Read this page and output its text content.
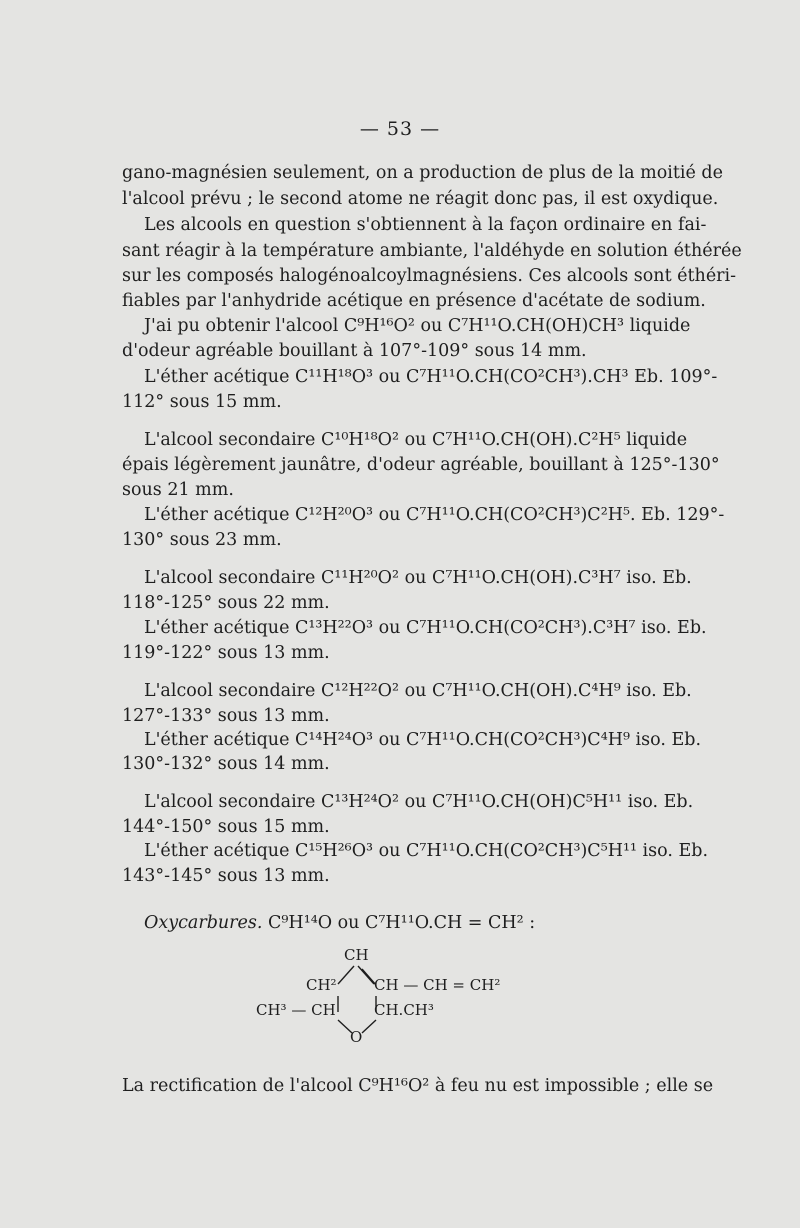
— 53 —
gano-magnésien seulement, on a production de plus de la moitié de
l'alcool prévu ; le second atome ne réagit donc pas, il est oxydique.
Les alcools en question s'obtiennent à la façon ordinaire en fai-
sant réagir à la température ambiante, l'aldéhyde en solution éthérée
sur les composés halogénoalcoylmagnésiens. Ces alcools sont éthéri-
fiables par l'anhydride acétique en présence d'acétate de sodium.
J'ai pu obtenir l'alcool C⁹H¹⁶O² ou C⁷H¹¹O.CH(OH)CH³ liquide
d'odeur agréable bouillant à 107°-109° sous 14 mm.
L'éther acétique C¹¹H¹⁸O³ ou C⁷H¹¹O.CH(CO²CH³).CH³ Eb. 109°-
112° sous 15 mm.
L'alcool secondaire C¹⁰H¹⁸O² ou C⁷H¹¹O.CH(OH).C²H⁵ liquide
épais légèrement jaunâtre, d'odeur agréable, bouillant à 125°-130°
sous 21 mm.
L'éther acétique C¹²H²⁰O³ ou C⁷H¹¹O.CH(CO²CH³)C²H⁵. Eb. 129°-
130° sous 23 mm.
L'alcool secondaire C¹¹H²⁰O² ou C⁷H¹¹O.CH(OH).C³H⁷ iso. Eb.
118°-125° sous 22 mm.
L'éther acétique C¹³H²²O³ ou C⁷H¹¹O.CH(CO²CH³).C³H⁷ iso. Eb.
119°-122° sous 13 mm.
L'alcool secondaire C¹²H²²O² ou C⁷H¹¹O.CH(OH).C⁴H⁹ iso. Eb.
127°-133° sous 13 mm.
L'éther acétique C¹⁴H²⁴O³ ou C⁷H¹¹O.CH(CO²CH³)C⁴H⁹ iso. Eb.
130°-132° sous 14 mm.
L'alcool secondaire C¹³H²⁴O² ou C⁷H¹¹O.CH(OH)C⁵H¹¹ iso. Eb.
144°-150° sous 15 mm.
L'éther acétique C¹⁵H²⁶O³ ou C⁷H¹¹O.CH(CO²CH³)C⁵H¹¹ iso. Eb.
143°-145° sous 13 mm.
Oxycarbures. C⁹H¹⁴O ou C⁷H¹¹O.CH = CH² :
CH
CH² CH — CH = CH²
CH³ — CH	CH.CH³
O
La rectification de l'alcool C⁹H¹⁶O² à feu nu est impossible ; elle se
